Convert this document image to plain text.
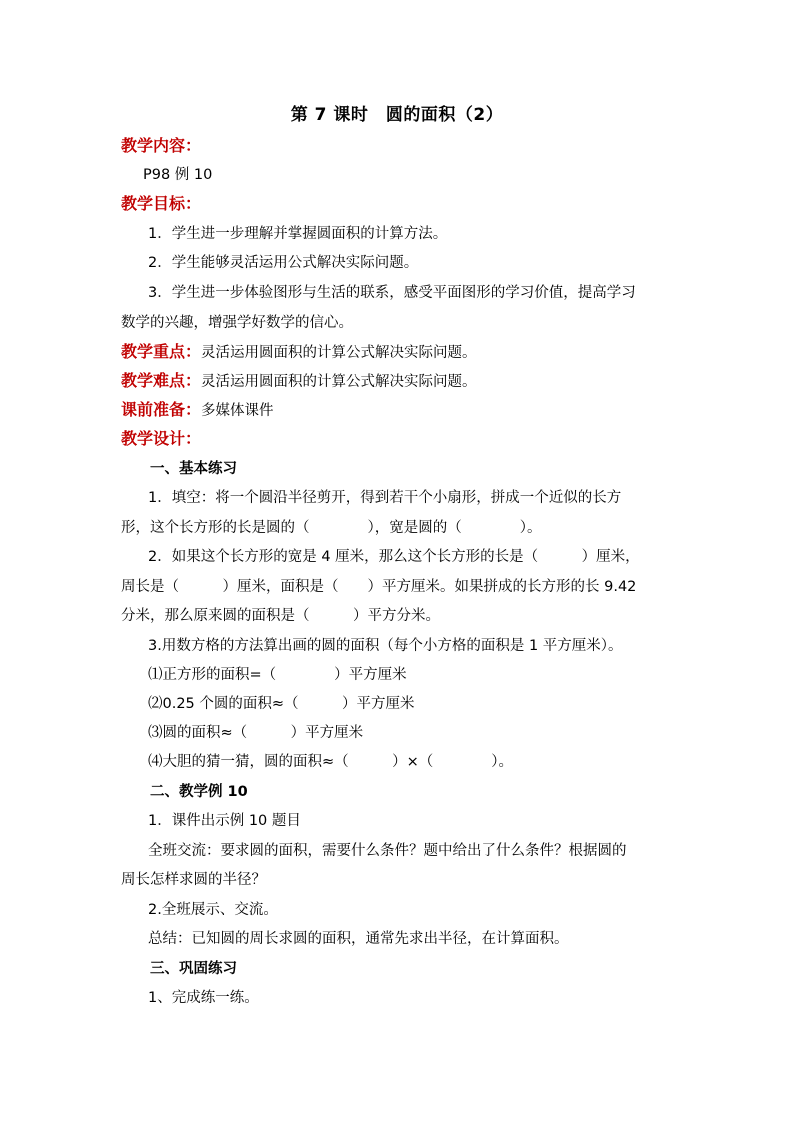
第 7 课时　圆的面积（2）
教学内容：
P98 例 10
教学目标：
1．学生进一步理解并掌握圆面积的计算方法。
2．学生能够灵活运用公式解决实际问题。
3．学生进一步体验图形与生活的联系，感受平面图形的学习价值，提高学习
数学的兴趣，增强学好数学的信心。
教学重点：灵活运用圆面积的计算公式解决实际问题。
教学难点：灵活运用圆面积的计算公式解决实际问题。
课前准备：多媒体课件
教学设计：
一、基本练习
1．填空：将一个圆沿半径剪开，得到若干个小扇形，拼成一个近似的长方
形，这个长方形的长是圆的（　　　　），宽是圆的（　　　　）。
2．如果这个长方形的宽是 4 厘米，那么这个长方形的长是（　　　）厘米，
周长是（　　　）厘米，面积是（　　）平方厘米。如果拼成的长方形的长 9.42
分米，那么原来圆的面积是（　　　）平方分米。
3.用数方格的方法算出画的圆的面积（每个小方格的面积是 1 平方厘米）。
⑴正方形的面积=（　　　　）平方厘米
⑵0.25 个圆的面积≈（　　　）平方厘米
⑶圆的面积≈（　　　）平方厘米
⑷大胆的猜一猜，圆的面积≈（　　　）×（　　　　）。
二、教学例 10
1．课件出示例 10 题目
全班交流：要求圆的面积，需要什么条件？题中给出了什么条件？根据圆的
周长怎样求圆的半径？
2.全班展示、交流。
总结：已知圆的周长求圆的面积，通常先求出半径，在计算面积。
三、巩固练习
1、完成练一练。
